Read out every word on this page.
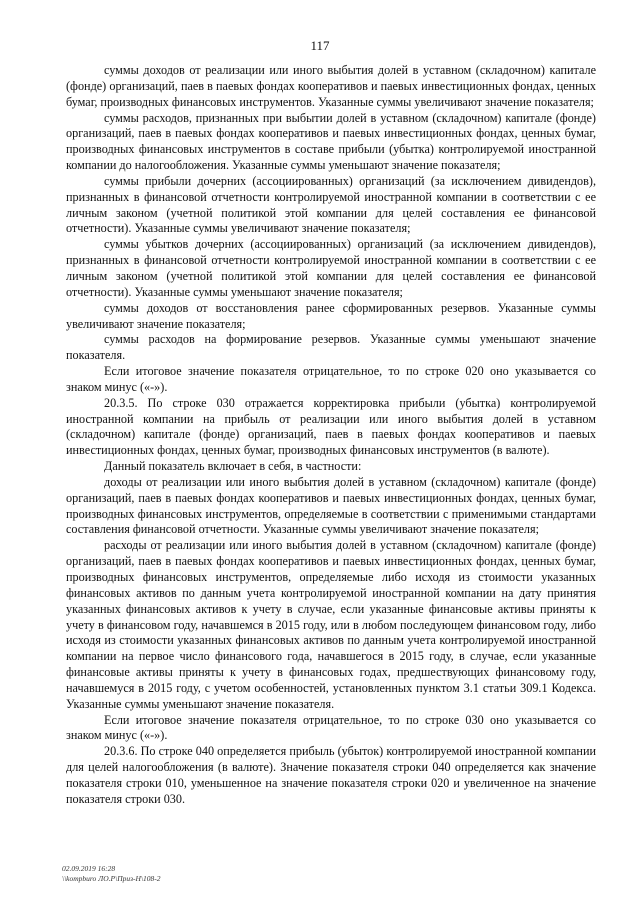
117

суммы доходов от реализации или иного выбытия долей в уставном (складочном) капитале (фонде) организаций, паев в паевых фондах кооперативов и паевых инвестиционных фондах, ценных бумаг, производных финансовых инструментов. Указанные суммы увеличивают значение показателя;

суммы расходов, признанных при выбытии долей в уставном (складочном) капитале (фонде) организаций, паев в паевых фондах кооперативов и паевых инвестиционных фондах, ценных бумаг, производных финансовых инструментов в составе прибыли (убытка) контролируемой иностранной компании до налогообложения. Указанные суммы уменьшают значение показателя;

суммы прибыли дочерних (ассоциированных) организаций (за исключением дивидендов), признанных в финансовой отчетности контролируемой иностранной компании в соответствии с ее личным законом (учетной политикой этой компании для целей составления ее финансовой отчетности). Указанные суммы увеличивают значение показателя;

суммы убытков дочерних (ассоциированных) организаций (за исключением дивидендов), признанных в финансовой отчетности контролируемой иностранной компании в соответствии с ее личным законом (учетной политикой этой компании для целей составления ее финансовой отчетности). Указанные суммы уменьшают значение показателя;

суммы доходов от восстановления ранее сформированных резервов. Указанные суммы увеличивают значение показателя;

суммы расходов на формирование резервов. Указанные суммы уменьшают значение показателя.

Если итоговое значение показателя отрицательное, то по строке 020 оно указывается со знаком минус («-»).

20.3.5. По строке 030 отражается корректировка прибыли (убытка) контролируемой иностранной компании на прибыль от реализации или иного выбытия долей в уставном (складочном) капитале (фонде) организаций, паев в паевых фондах кооперативов и паевых инвестиционных фондах, ценных бумаг, производных финансовых инструментов (в валюте).

Данный показатель включает в себя, в частности:

доходы от реализации или иного выбытия долей в уставном (складочном) капитале (фонде) организаций, паев в паевых фондах кооперативов и паевых инвестиционных фондах, ценных бумаг, производных финансовых инструментов, определяемые в соответствии с применимыми стандартами составления финансовой отчетности. Указанные суммы увеличивают значение показателя;

расходы от реализации или иного выбытия долей в уставном (складочном) капитале (фонде) организаций, паев в паевых фондах кооперативов и паевых инвестиционных фондах, ценных бумаг, производных финансовых инструментов, определяемые либо исходя из стоимости указанных финансовых активов по данным учета контролируемой иностранной компании на дату принятия указанных финансовых активов к учету в случае, если указанные финансовые активы приняты к учету в финансовом году, начавшемся в 2015 году, или в любом последующем финансовом году, либо исходя из стоимости указанных финансовых активов по данным учета контролируемой иностранной компании на первое число финансового года, начавшегося в 2015 году, в случае, если указанные финансовые активы приняты к учету в финансовых годах, предшествующих финансовому году, начавшемуся в 2015 году, с учетом особенностей, установленных пунктом 3.1 статьи 309.1 Кодекса. Указанные суммы уменьшают значение показателя.

Если итоговое значение показателя отрицательное, то по строке 030 оно указывается со знаком минус («-»).

20.3.6. По строке 040 определяется прибыль (убыток) контролируемой иностранной компании для целей налогообложения (в валюте). Значение показателя строки 040 определяется как значение показателя строки 010, уменьшенное на значение показателя строки 020 и увеличенное на значение показателя строки 030.

02.09.2019 16:28
\\kompburo ЛО.Р\Приз-Н\108-2
